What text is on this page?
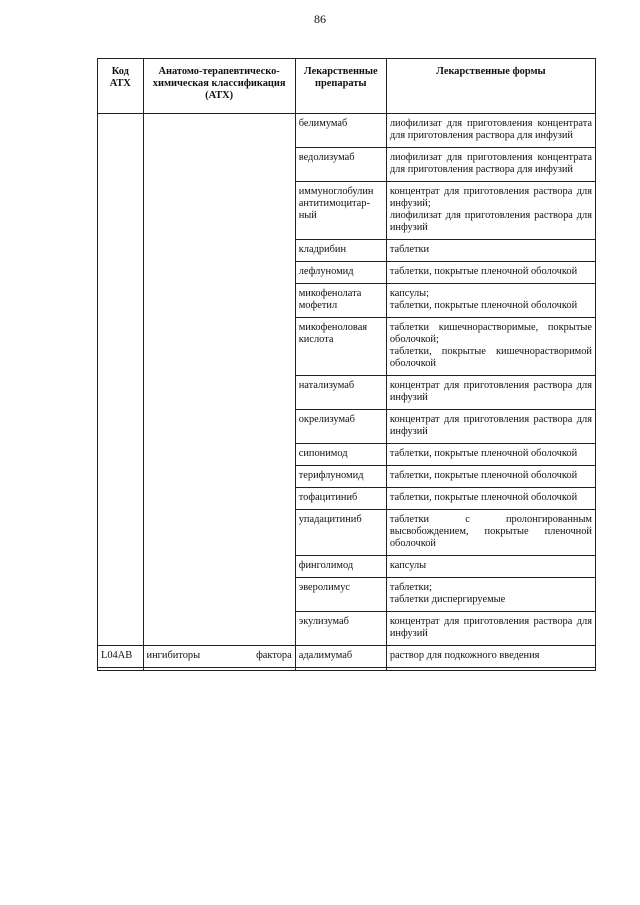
86
Код АТХ	Анатомо-терапевтическо-химическая классификация (АТХ)	Лекарственные препараты	Лекарственные формы
		белимумаб	лиофилизат для приготовления концентрата для приготовления раствора для инфузий

		ведолизумаб	лиофилизат для приготовления концентрата для приготовления раствора для инфузий

		иммуноглобулин антитимоцитар-ный	концентрат для приготовления раствора для инфузий;
лиофилизат для приготовления раствора для инфузий

		кладрибин	таблетки

		лефлуномид	таблетки, покрытые пленочной оболочкой

		микофенолата мофетил	капсулы;
таблетки, покрытые пленочной оболочкой

		микофеноловая кислота	таблетки кишечнорастворимые, покрытые оболочкой;
таблетки, покрытые кишечнорастворимой оболочкой

		натализумаб	концентрат для приготовления раствора для инфузий

		окрелизумаб	концентрат для приготовления раствора для инфузий

		сипонимод	таблетки, покрытые пленочной оболочкой

		терифлуномид	таблетки, покрытые пленочной оболочкой

		тофацитиниб	таблетки, покрытые пленочной оболочкой

		упадацитиниб	таблетки с пролонгированным высвобождением, покрытые пленочной оболочкой

		финголимод	капсулы

		эверолимус	таблетки;
таблетки диспергируемые

		экулизумаб	концентрат для приготовления раствора для инфузий

L04AB	ингибиторы фактора	адалимумаб	раствор для подкожного введения
